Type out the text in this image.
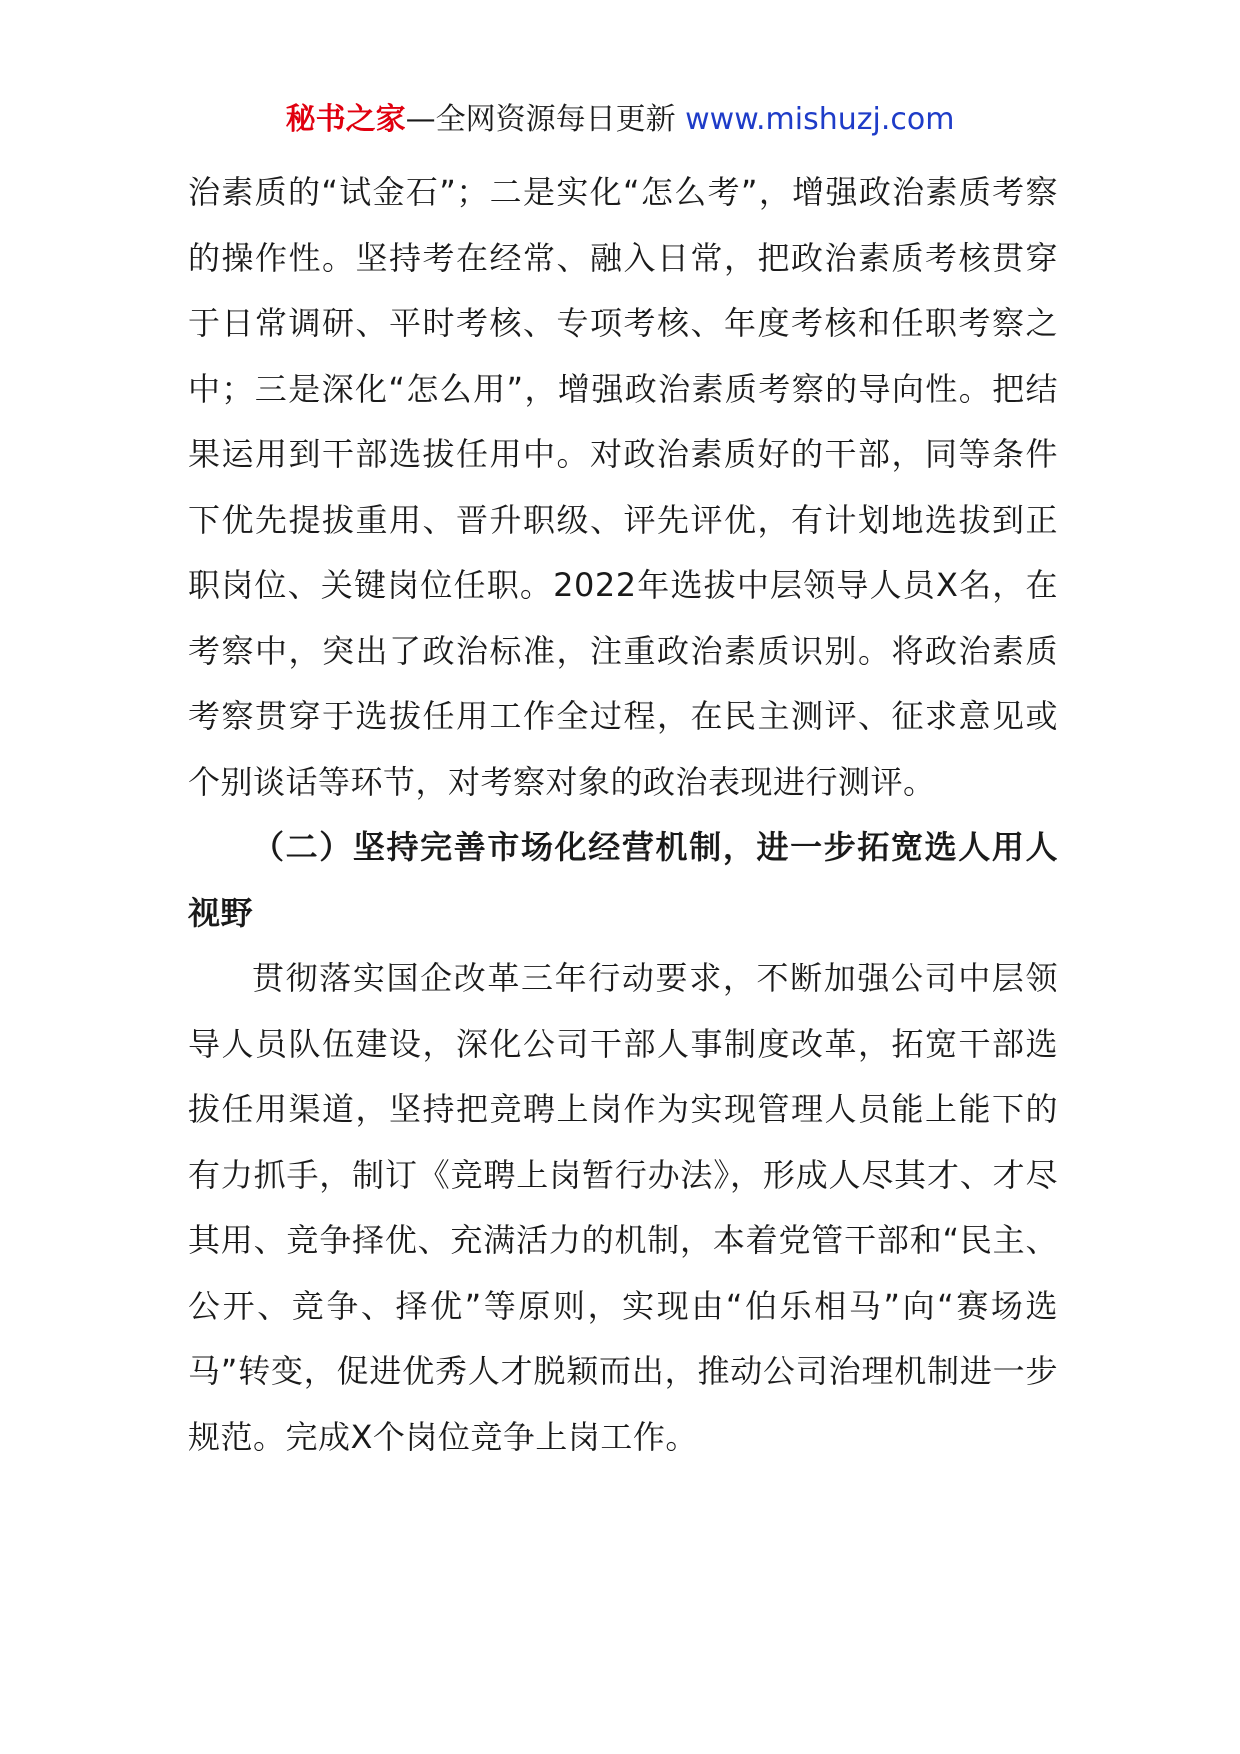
秘书之家—全网资源每日更新 www.mishuzj.com

治素质的“试金石”；二是实化“怎么考”，增强政治素质考察的操作性。坚持考在经常、融入日常，把政治素质考核贯穿于日常调研、平时考核、专项考核、年度考核和任职考察之中；三是深化“怎么用”，增强政治素质考察的导向性。把结果运用到干部选拔任用中。对政治素质好的干部，同等条件下优先提拔重用、晋升职级、评先评优，有计划地选拔到正职岗位、关键岗位任职。2022年选拔中层领导人员X名，在考察中，突出了政治标准，注重政治素质识别。将政治素质考察贯穿于选拔任用工作全过程，在民主测评、征求意见或个别谈话等环节，对考察对象的政治表现进行测评。

（二）坚持完善市场化经营机制，进一步拓宽选人用人视野

贯彻落实国企改革三年行动要求，不断加强公司中层领导人员队伍建设，深化公司干部人事制度改革，拓宽干部选拔任用渠道，坚持把竞聘上岗作为实现管理人员能上能下的有力抓手，制订《竞聘上岗暂行办法》，形成人尽其才、才尽其用、竞争择优、充满活力的机制，本着党管干部和“民主、公开、竞争、择优”等原则，实现由“伯乐相马”向“赛场选马”转变，促进优秀人才脱颖而出，推动公司治理机制进一步规范。完成X个岗位竞争上岗工作。
